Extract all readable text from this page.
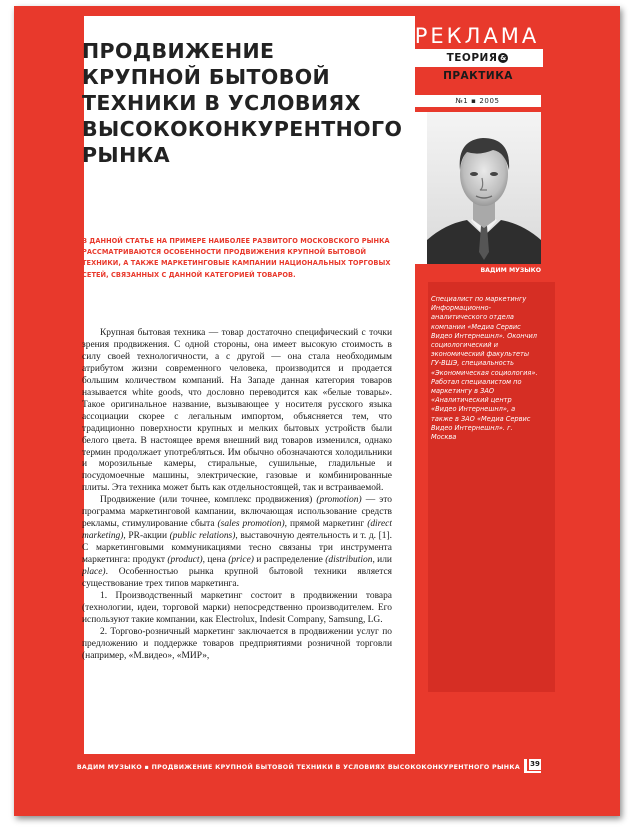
ПРОДВИЖЕНИЕ
КРУПНОЙ БЫТОВОЙ
ТЕХНИКИ В УСЛОВИЯХ
ВЫСОКОКОНКУРЕНТНОГО
РЫНКА

В ДАННОЙ СТАТЬЕ НА ПРИМЕРЕ НАИБОЛЕЕ РАЗВИТОГО МОСКОВСКОГО РЫНКА РАССМАТРИВАЮТСЯ ОСОБЕННОСТИ ПРОДВИЖЕНИЯ КРУПНОЙ БЫТОВОЙ ТЕХНИКИ, А ТАКЖЕ МАРКЕТИНГОВЫЕ КАМПАНИИ НАЦИОНАЛЬНЫХ ТОРГОВЫХ СЕТЕЙ, СВЯЗАННЫХ С ДАННОЙ КАТЕГОРИЕЙ ТОВАРОВ.

Крупная бытовая техника — товар достаточно специфический с точки зрения продвижения. С одной стороны, она имеет высокую стоимость в силу своей технологичности, а с другой — она стала необходимым атрибутом жизни современного человека, производится и продается большим количеством компаний. На Западе данная категория товаров называется white goods, что дословно переводится как «белые товары». Такое оригинальное название, вызывающее у носителя русского языка ассоциации скорее с легальным импортом, объясняется тем, что традиционно поверхности крупных и мелких бытовых устройств были белого цвета. В настоящее время внешний вид товаров изменился, однако термин продолжает употребляться. Им обычно обозначаются холодильники и морозильные камеры, стиральные, сушильные, гладильные и посудомоечные машины, электрические, газовые и комбинированные плиты. Эта техника может быть как отдельностоящей, так и встраиваемой.

Продвижение (или точнее, комплекс продвижения) (promotion) — это программа маркетинговой кампании, включающая использование средств рекламы, стимулирование сбыта (sales promotion), прямой маркетинг (direct marketing), PR-акции (public relations), выставочную деятельность и т. д. [1]. С маркетинговыми коммуникациями тесно связаны три инструмента маркетинга: продукт (product), цена (price) и распределение (distribution, или place). Особенностью рынка крупной бытовой техники является существование трех типов маркетинга.

1. Производственный маркетинг состоит в продвижении товара (технологии, идеи, торговой марки) непосредственно производителем. Его используют такие компании, как Electrolux, Indesit Company, Samsung, LG.

2. Торгово-розничный маркетинг заключается в продвижении услуг по предложению и поддержке товаров предприятиями розничной торговли (например, «М.видео», «МИР»,

РЕКЛАМА
ТЕОРИЯ &ПРАКТИКА
№1 ▪ 2005
ВАДИМ МУЗЫКО

Специалист по маркетингу Информационно-аналитического отдела компании «Медиа Сервис Видео Интернешнл». Окончил социологический и экономический факультеты ГУ-ВШЭ, специальность «Экономическая социология». Работал специалистом по маркетингу в ЗАО «Аналитический центр «Видео Интернешнл», а также в ЗАО «Медиа Сервис Видео Интернешнл». г. Москва

ВАДИМ МУЗЫКО ▪ ПРОДВИЖЕНИЕ КРУПНОЙ БЫТОВОЙ ТЕХНИКИ В УСЛОВИЯХ ВЫСОКОКОНКУРЕНТНОГО РЫНКА 39
